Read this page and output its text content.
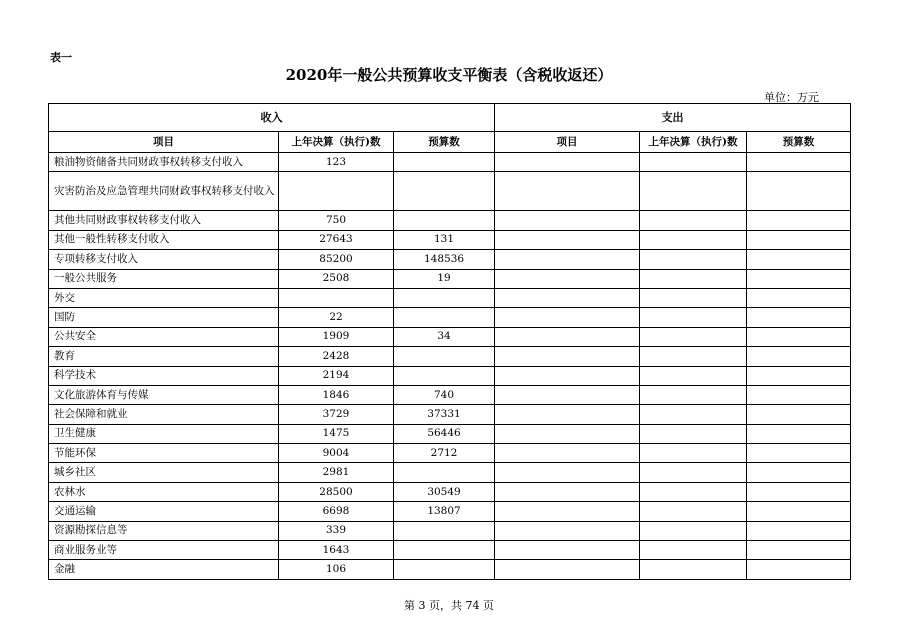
表一
2020年一般公共预算收支平衡表（含税收返还）
单位：万元
收入			支出		
项目	上年决算（执行)数	预算数	项目	上年决算（执行)数	预算数
粮油物资储备共同财政事权转移支付收入	123				
灾害防治及应急管理共同财政事权转移支付收入					
其他共同财政事权转移支付收入	750				
其他一般性转移支付收入	27643	131			
专项转移支付收入	85200	148536			
一般公共服务	2508	19			
外交					
国防	22				
公共安全	1909	34			
教育	2428				
科学技术	2194				
文化旅游体育与传媒	1846	740			
社会保障和就业	3729	37331			
卫生健康	1475	56446			
节能环保	9004	2712			
城乡社区	2981				
农林水	28500	30549			
交通运输	6698	13807			
资源勘探信息等	339				
商业服务业等	1643				
金融	106				
第 3 页，共 74 页
